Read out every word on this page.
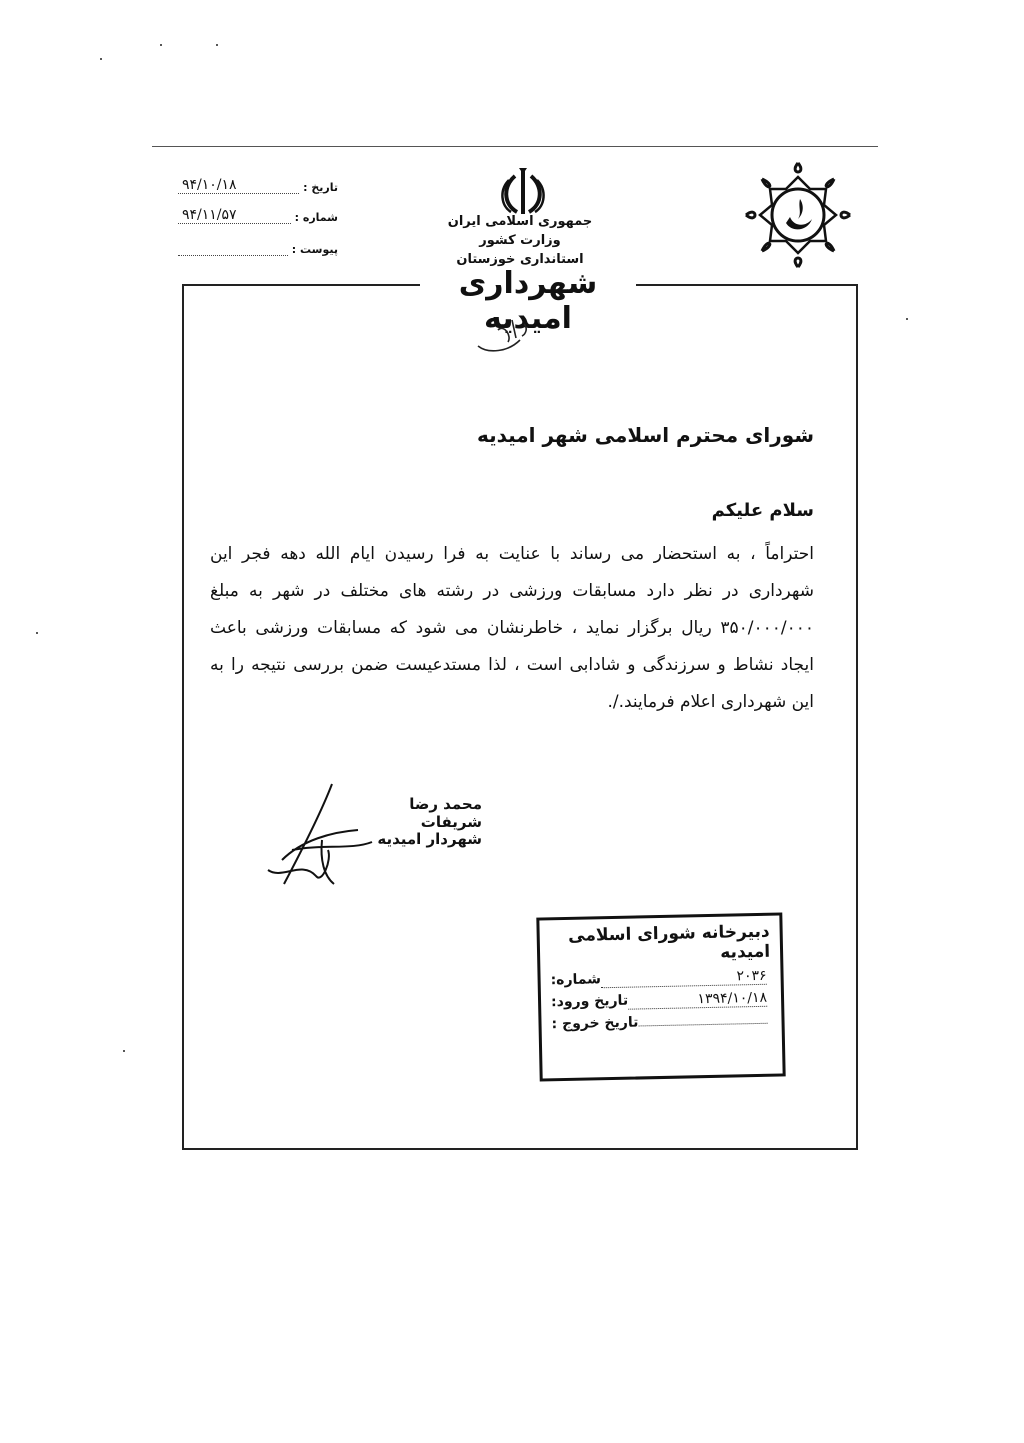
شهرداری امیدیه
تاریخ :
۹۴/۱۰/۱۸
شماره :
۹۴/۱۱/۵۷
پیوست :
جمهوری اسلامی ایران
وزارت کشور
استانداری خوزستان
شورای محترم اسلامی شهر امیدیه
سلام علیکم
احتراماً ، به استحضار می رساند با عنایت به فرا رسیدن ایام الله دهه فجر این شهرداری در نظر دارد مسابقات ورزشی در رشته های مختلف در شهر به مبلغ ۳۵۰/۰۰۰/۰۰۰ ریال برگزار نماید ، خاطرنشان می شود که مسابقات ورزشی باعث ایجاد نشاط و سرزندگی و شادابی است ، لذا مستدعیست ضمن بررسی نتیجه را به این شهرداری اعلام فرمایند./.
محمد رضا شریفات
شهردار امیدیه
دبیرخانه شورای اسلامی امیدیه
شماره:	۲۰۳۶
تاریخ ورود:	۱۳۹۴/۱۰/۱۸
تاریخ خروج :
